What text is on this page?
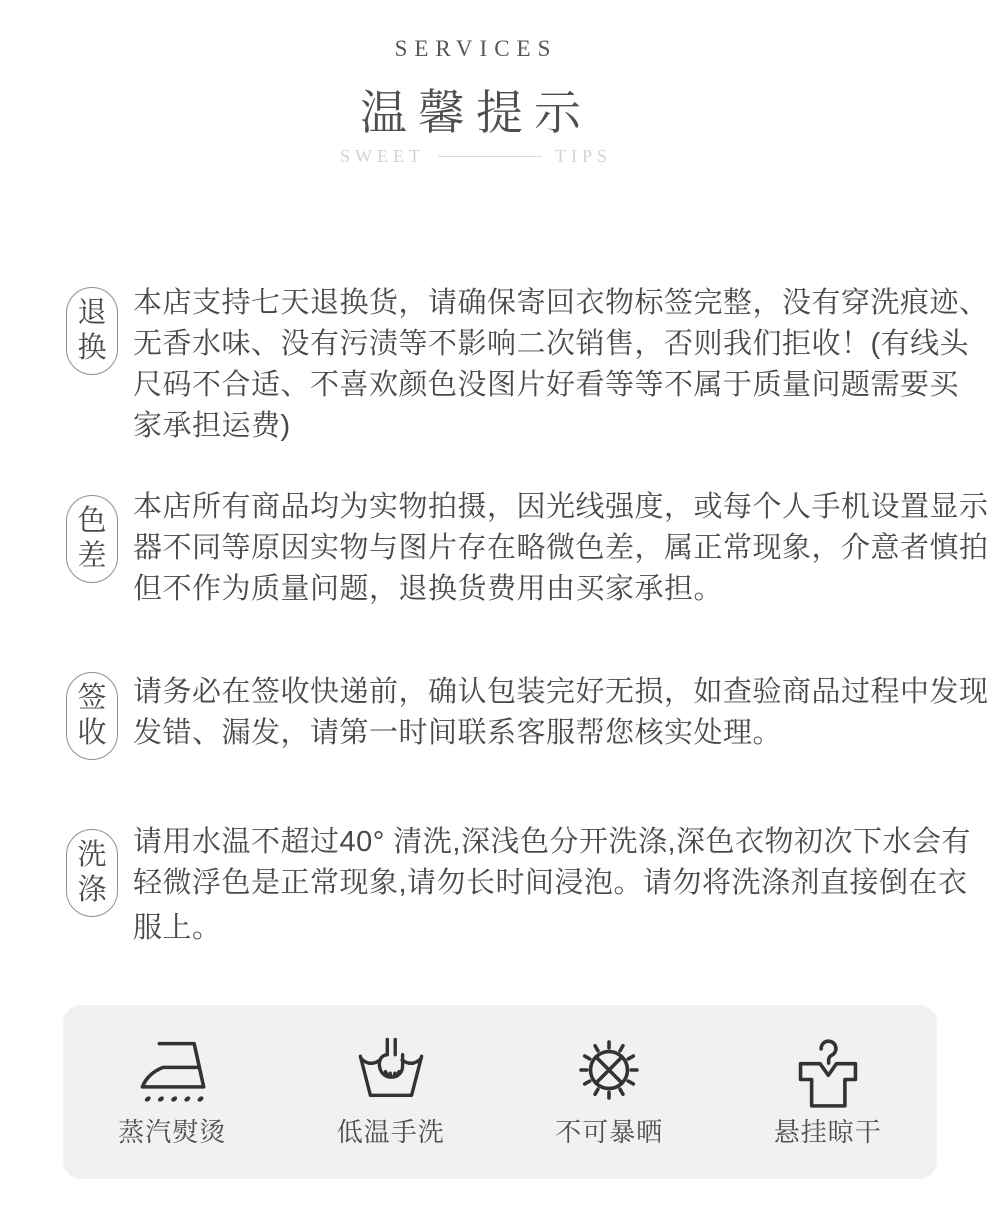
SERVICES
温馨提示
SWEET	TIPS
退换
本店支持七天退换货，请确保寄回衣物标签完整，没有穿洗痕迹、
无香水味、没有污渍等不影响二次销售，否则我们拒收！(有线头
尺码不合适、不喜欢颜色没图片好看等等不属于质量问题需要买
家承担运费)
色差
本店所有商品均为实物拍摄，因光线强度，或每个人手机设置显示
器不同等原因实物与图片存在略微色差，属正常现象，介意者慎拍
但不作为质量问题，退换货费用由买家承担。
签收
请务必在签收快递前，确认包装完好无损，如查验商品过程中发现
发错、漏发，请第一时间联系客服帮您核实处理。
洗涤
请用水温不超过40° 清洗,深浅色分开洗涤,深色衣物初次下水会有
轻微浮色是正常现象,请勿长时间浸泡。请勿将洗涤剂直接倒在衣
服上。
蒸汽熨烫	低温手洗	不可暴晒	悬挂晾干
